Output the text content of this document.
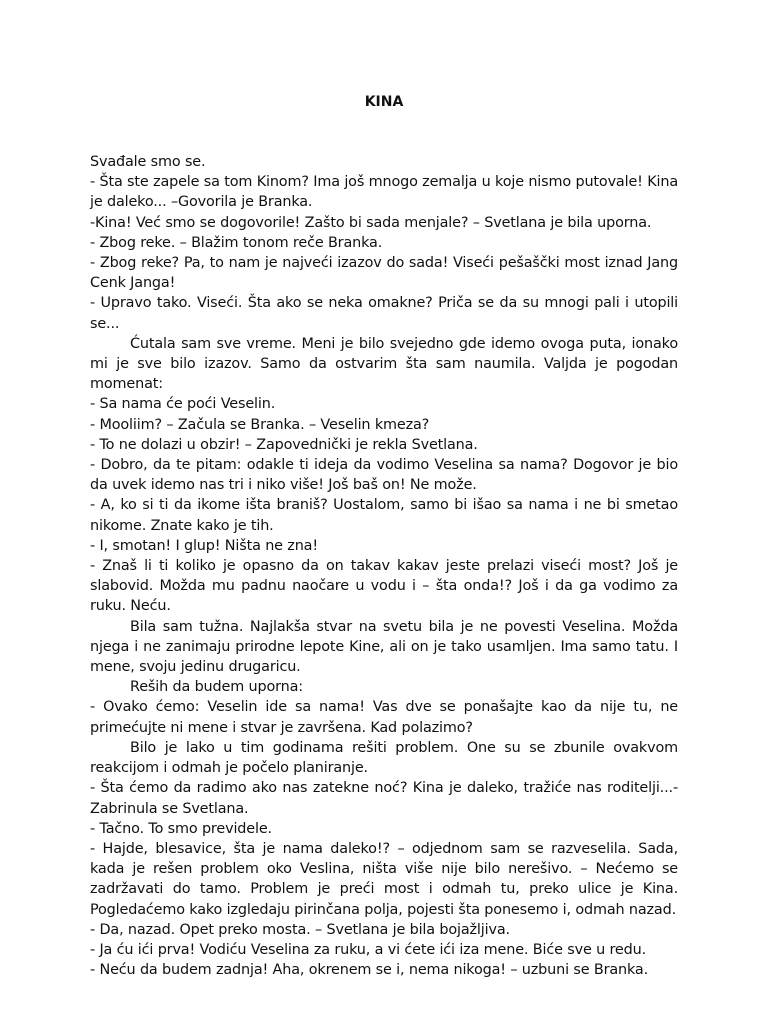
KINA

Svađale smo se.

- Šta ste zapele sa tom Kinom? Ima još mnogo zemalja u koje nismo putovale! Kina je daleko... –Govorila je Branka.

-Kina! Već smo se dogovorile! Zašto bi sada menjale? – Svetlana je bila uporna.

- Zbog reke. – Blažim tonom reče Branka.

- Zbog reke? Pa, to nam je najveći izazov do sada! Viseći pešaščki most iznad Jang Cenk Janga!

- Upravo tako. Viseći. Šta ako se neka omakne? Priča se da su mnogi pali i utopili se...

Ćutala sam sve vreme. Meni je bilo svejedno gde idemo ovoga puta, ionako mi je sve bilo izazov. Samo da ostvarim šta sam naumila. Valjda je pogodan momenat:

- Sa nama će poći Veselin.

- Mooliim? – Začula se Branka. – Veselin kmeza?

- To ne dolazi u obzir! – Zapovednički je rekla Svetlana.

- Dobro, da te pitam: odakle ti ideja da vodimo Veselina sa nama? Dogovor je bio da uvek idemo nas tri i niko više! Još baš on! Ne može.

- A, ko si ti da ikome išta braniš? Uostalom, samo bi išao sa nama i ne bi smetao nikome. Znate kako je tih.

- I, smotan! I glup! Ništa ne zna!

- Znaš li ti koliko je opasno da on takav kakav jeste prelazi viseći most? Još je slabovid. Možda mu padnu naočare u vodu i – šta onda!? Još i da ga vodimo za ruku. Neću.

Bila sam tužna. Najlakša stvar na svetu bila je ne povesti Veselina. Možda njega i ne zanimaju prirodne lepote Kine, ali on je tako usamljen. Ima samo tatu. I mene, svoju jedinu drugaricu.

Reših da budem uporna:

- Ovako ćemo: Veselin ide sa nama! Vas dve se ponašajte kao da nije tu, ne primećujte ni mene i stvar je završena. Kad polazimo?

Bilo je lako u tim godinama rešiti problem. One su se zbunile ovakvom reakcijom i odmah je počelo planiranje.

- Šta ćemo da radimo ako nas zatekne noć? Kina je daleko, tražiće nas roditelji...- Zabrinula se Svetlana.

- Tačno. To smo previdele.

- Hajde, blesavice, šta je nama daleko!? – odjednom sam se razveselila. Sada, kada je rešen problem oko Veslina, ništa više nije bilo nerešivo. – Nećemo se zadržavati do tamo. Problem je preći most i odmah tu, preko ulice je Kina. Pogledaćemo kako izgledaju pirinčana polja, pojesti šta ponesemo i, odmah nazad.

- Da, nazad. Opet preko mosta. – Svetlana je bila bojažljiva.

- Ja ću ići prva! Vodiću Veselina za ruku, a vi ćete ići iza mene. Biće sve u redu.

- Neću da budem zadnja! Aha, okrenem se i, nema nikoga! – uzbuni se Branka.
